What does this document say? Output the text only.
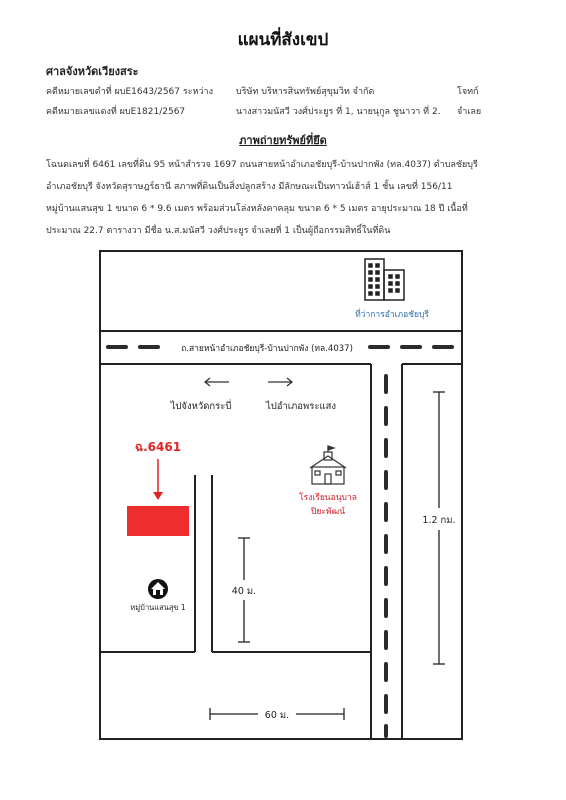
แผนที่สังเขป
ศาลจังหวัดเวียงสระ
คดีหมายเลขดำที่ ผบE1643/2567 ระหว่าง	บริษัท บริหารสินทรัพย์สุขุมวิท จำกัด	โจทก์
คดีหมายเลขแดงที่ ผบE1821/2567	นางสาวมนัสวี วงศ์ประยูร ที่ 1, นายนุกูล ชูนาวา ที่ 2. จำเลย
ภาพถ่ายทรัพย์ที่ยึด
โฉนดเลขที่ 6461 เลขที่ดิน 95 หน้าสำรวจ 1697 ถนนสายหน้าอำเภอชัยบุรี-บ้านปากพัง (ทล.4037) ตำบลชัยบุรี
อำเภอชัยบุรี จังหวัดสุราษฎร์ธานี สภาพที่ดินเป็นสิ่งปลูกสร้าง มีลักษณะเป็นทาวน์เฮ้าส์ 1 ชั้น เลขที่ 156/11
หมู่บ้านแสนสุข 1 ขนาด 6 * 9.6 เมตร พร้อมส่วนโล่งหลังคาคลุม ขนาด 6 * 5 เมตร อายุประมาณ 18 ปี เนื้อที่
ประมาณ 22.7 ตารางวา มีชื่อ น.ส.มนัสวี วงศ์ประยูร จำเลยที่ 1 เป็นผู้ถือกรรมสิทธิ์ในที่ดิน
ถ.สายหน้าอำเภอชัยบุรี-บ้านปากพัง (ทล.4037)
ที่ว่าการอำเภอชัยบุรี
ไปจังหวัดกระบี่	ไปอำเภอพระแสง
ฉ.6461
โรงเรียนอนุบาล
ปิยะพัฒน์
หมู่บ้านแสนสุข 1
40 ม.
60 ม.
1.2 กม.
